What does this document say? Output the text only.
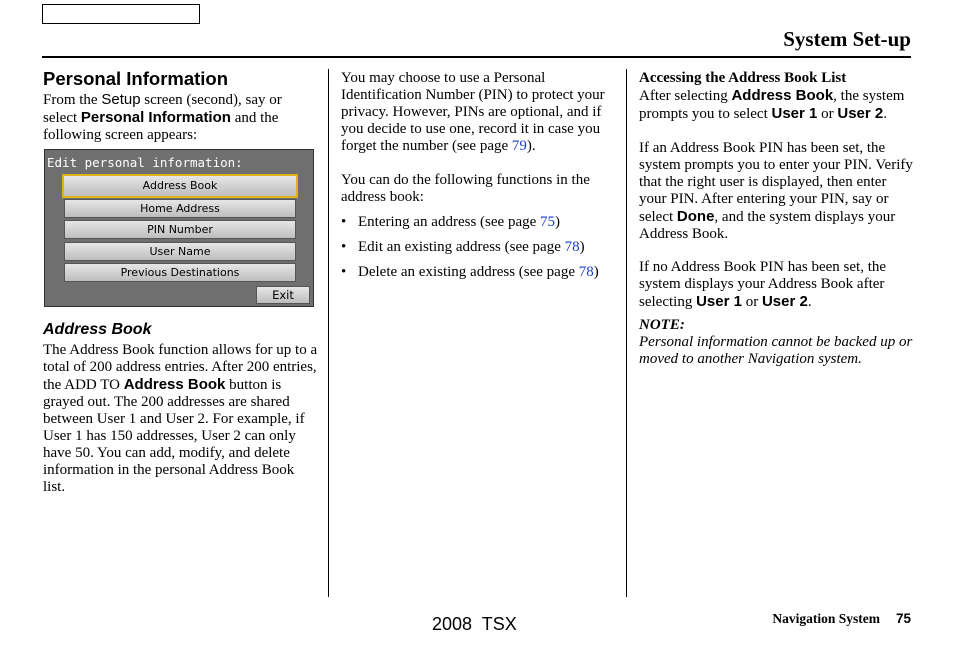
System Set-up
Personal Information

From the Setup screen (second), say or select Personal Information and the following screen appears:

Edit personal information:
Address Book
Home Address
PIN Number
User Name
Previous Destinations
Exit
Address Book

The Address Book function allows for up to a total of 200 address entries. After 200 entries, the ADD TO Address Book button is grayed out. The 200 addresses are shared between User 1 and User 2. For example, if User 1 has 150 addresses, User 2 can only have 50. You can add, modify, and delete information in the personal Address Book list.

You may choose to use a Personal Identification Number (PIN) to protect your privacy. However, PINs are optional, and if you decide to use one, record it in case you forget the number (see page 79).

You can do the following functions in the address book:

• Entering an address (see page 75)
• Edit an existing address (see page 78)
• Delete an existing address (see page 78)

Accessing the Address Book List

After selecting Address Book, the system prompts you to select User 1 or User 2.

If an Address Book PIN has been set, the system prompts you to enter your PIN. Verify that the right user is displayed, then enter your PIN. After entering your PIN, say or select Done, and the system displays your Address Book.

If no Address Book PIN has been set, the system displays your Address Book after selecting User 1 or User 2.

NOTE:

Personal information cannot be backed up or moved to another Navigation system.

2008  TSX	Navigation System 75
